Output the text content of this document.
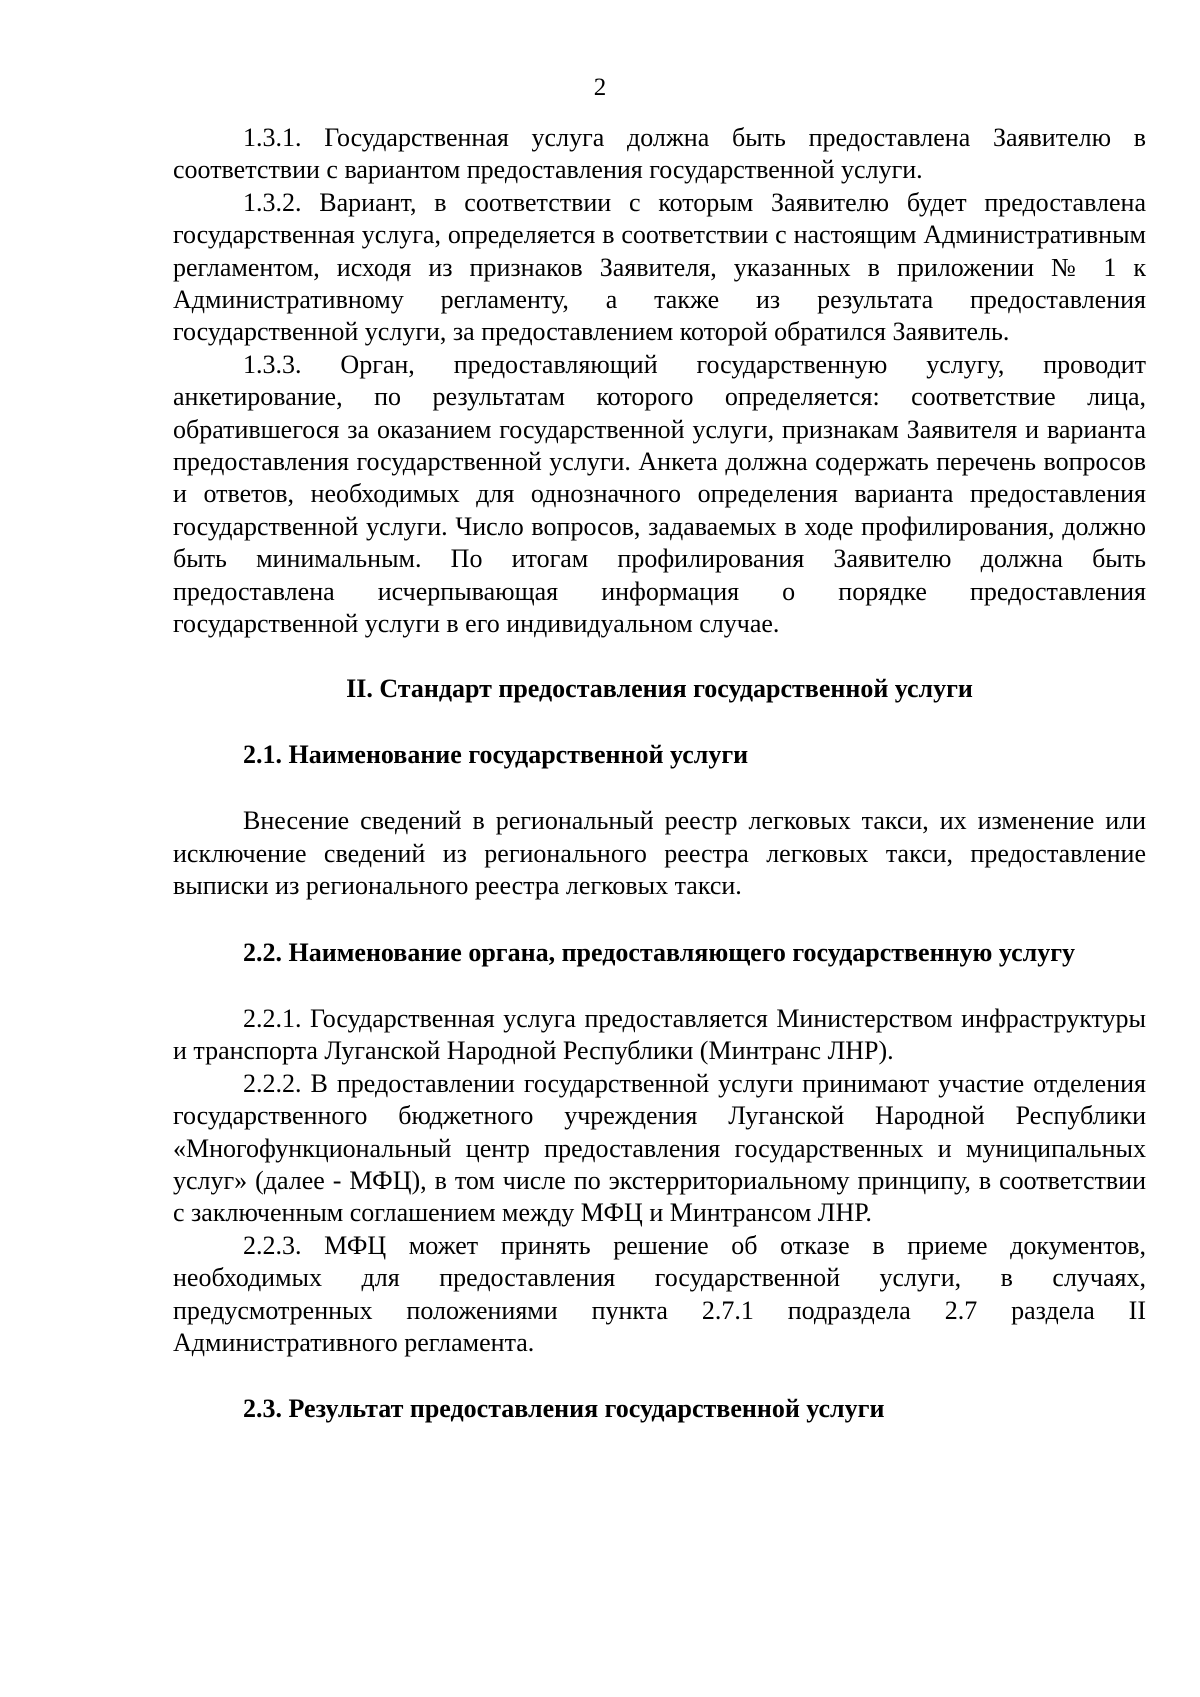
2

1.3.1. Государственная услуга должна быть предоставлена Заявителю в соответствии с вариантом предоставления государственной услуги.

1.3.2. Вариант, в соответствии с которым Заявителю будет предоставлена государственная услуга, определяется в соответствии с настоящим Административным регламентом, исходя из признаков Заявителя, указанных в приложении № 1 к Административному регламенту, а также из результата предоставления государственной услуги, за предоставлением которой обратился Заявитель.

1.3.3. Орган, предоставляющий государственную услугу, проводит анкетирование, по результатам которого определяется: соответствие лица, обратившегося за оказанием государственной услуги, признакам Заявителя и варианта предоставления государственной услуги. Анкета должна содержать перечень вопросов и ответов, необходимых для однозначного определения варианта предоставления государственной услуги. Число вопросов, задаваемых в ходе профилирования, должно быть минимальным. По итогам профилирования Заявителю должна быть предоставлена исчерпывающая информация о порядке предоставления государственной услуги в его индивидуальном случае.

II. Стандарт предоставления государственной услуги
2.1. Наименование государственной услуги

Внесение сведений в региональный реестр легковых такси, их изменение или исключение сведений из регионального реестра легковых такси, предоставление выписки из регионального реестра легковых такси.

2.2. Наименование органа, предоставляющего государственную услугу

2.2.1. Государственная услуга предоставляется Министерством инфраструктуры и транспорта Луганской Народной Республики (Минтранс ЛНР).

2.2.2. В предоставлении государственной услуги принимают участие отделения государственного бюджетного учреждения Луганской Народной Республики «Многофункциональный центр предоставления государственных и муниципальных услуг» (далее - МФЦ), в том числе по экстерриториальному принципу, в соответствии с заключенным соглашением между МФЦ и Минтрансом ЛНР.

2.2.3. МФЦ может принять решение об отказе в приеме документов, необходимых для предоставления государственной услуги, в случаях, предусмотренных положениями пункта 2.7.1 подраздела 2.7 раздела II Административного регламента.

2.3. Результат предоставления государственной услуги
